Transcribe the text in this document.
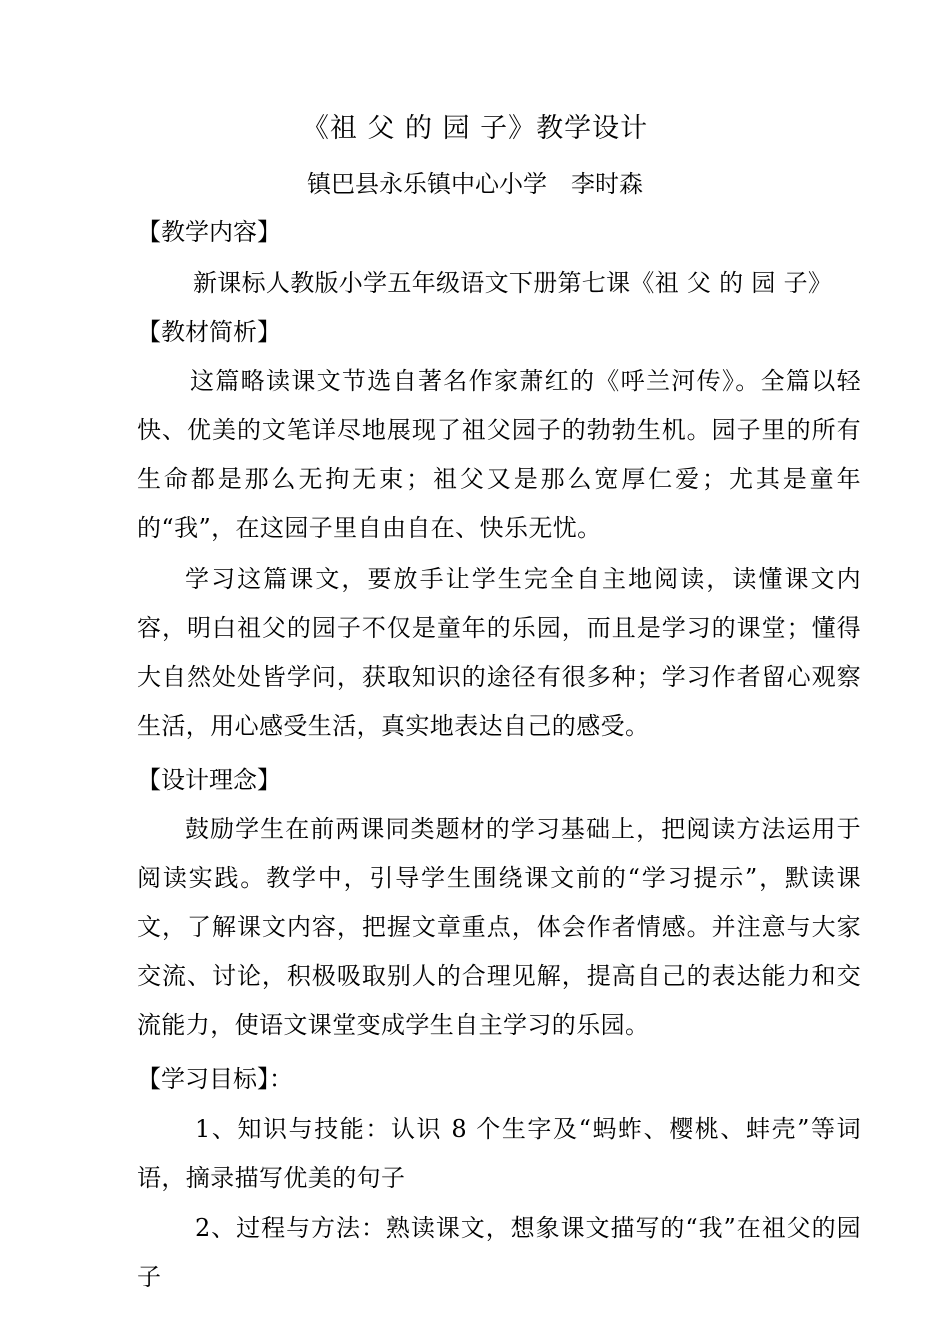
《祖 父 的 园 子》教学设计
镇巴县永乐镇中心小学　李时森
【教学内容】
新课标人教版小学五年级语文下册第七课《祖 父 的 园 子》
【教材简析】
这篇略读课文节选自著名作家萧红的《呼兰河传》。全篇以轻快、优美的文笔详尽地展现了祖父园子的勃勃生机。园子里的所有生命都是那么无拘无束；祖父又是那么宽厚仁爱；尤其是童年的“我”，在这园子里自由自在、快乐无忧。
学习这篇课文，要放手让学生完全自主地阅读，读懂课文内容，明白祖父的园子不仅是童年的乐园，而且是学习的课堂；懂得大自然处处皆学问，获取知识的途径有很多种；学习作者留心观察生活，用心感受生活，真实地表达自己的感受。
【设计理念】
鼓励学生在前两课同类题材的学习基础上，把阅读方法运用于阅读实践。教学中，引导学生围绕课文前的“学习提示”，默读课文，了解课文内容，把握文章重点，体会作者情感。并注意与大家交流、讨论，积极吸取别人的合理见解，提高自己的表达能力和交流能力，使语文课堂变成学生自主学习的乐园。
【学习目标】：
1、知识与技能：认识 8 个生字及“蚂蚱、樱桃、蚌壳”等词语，摘录描写优美的句子
2、过程与方法：熟读课文，想象课文描写的“我”在祖父的园子
